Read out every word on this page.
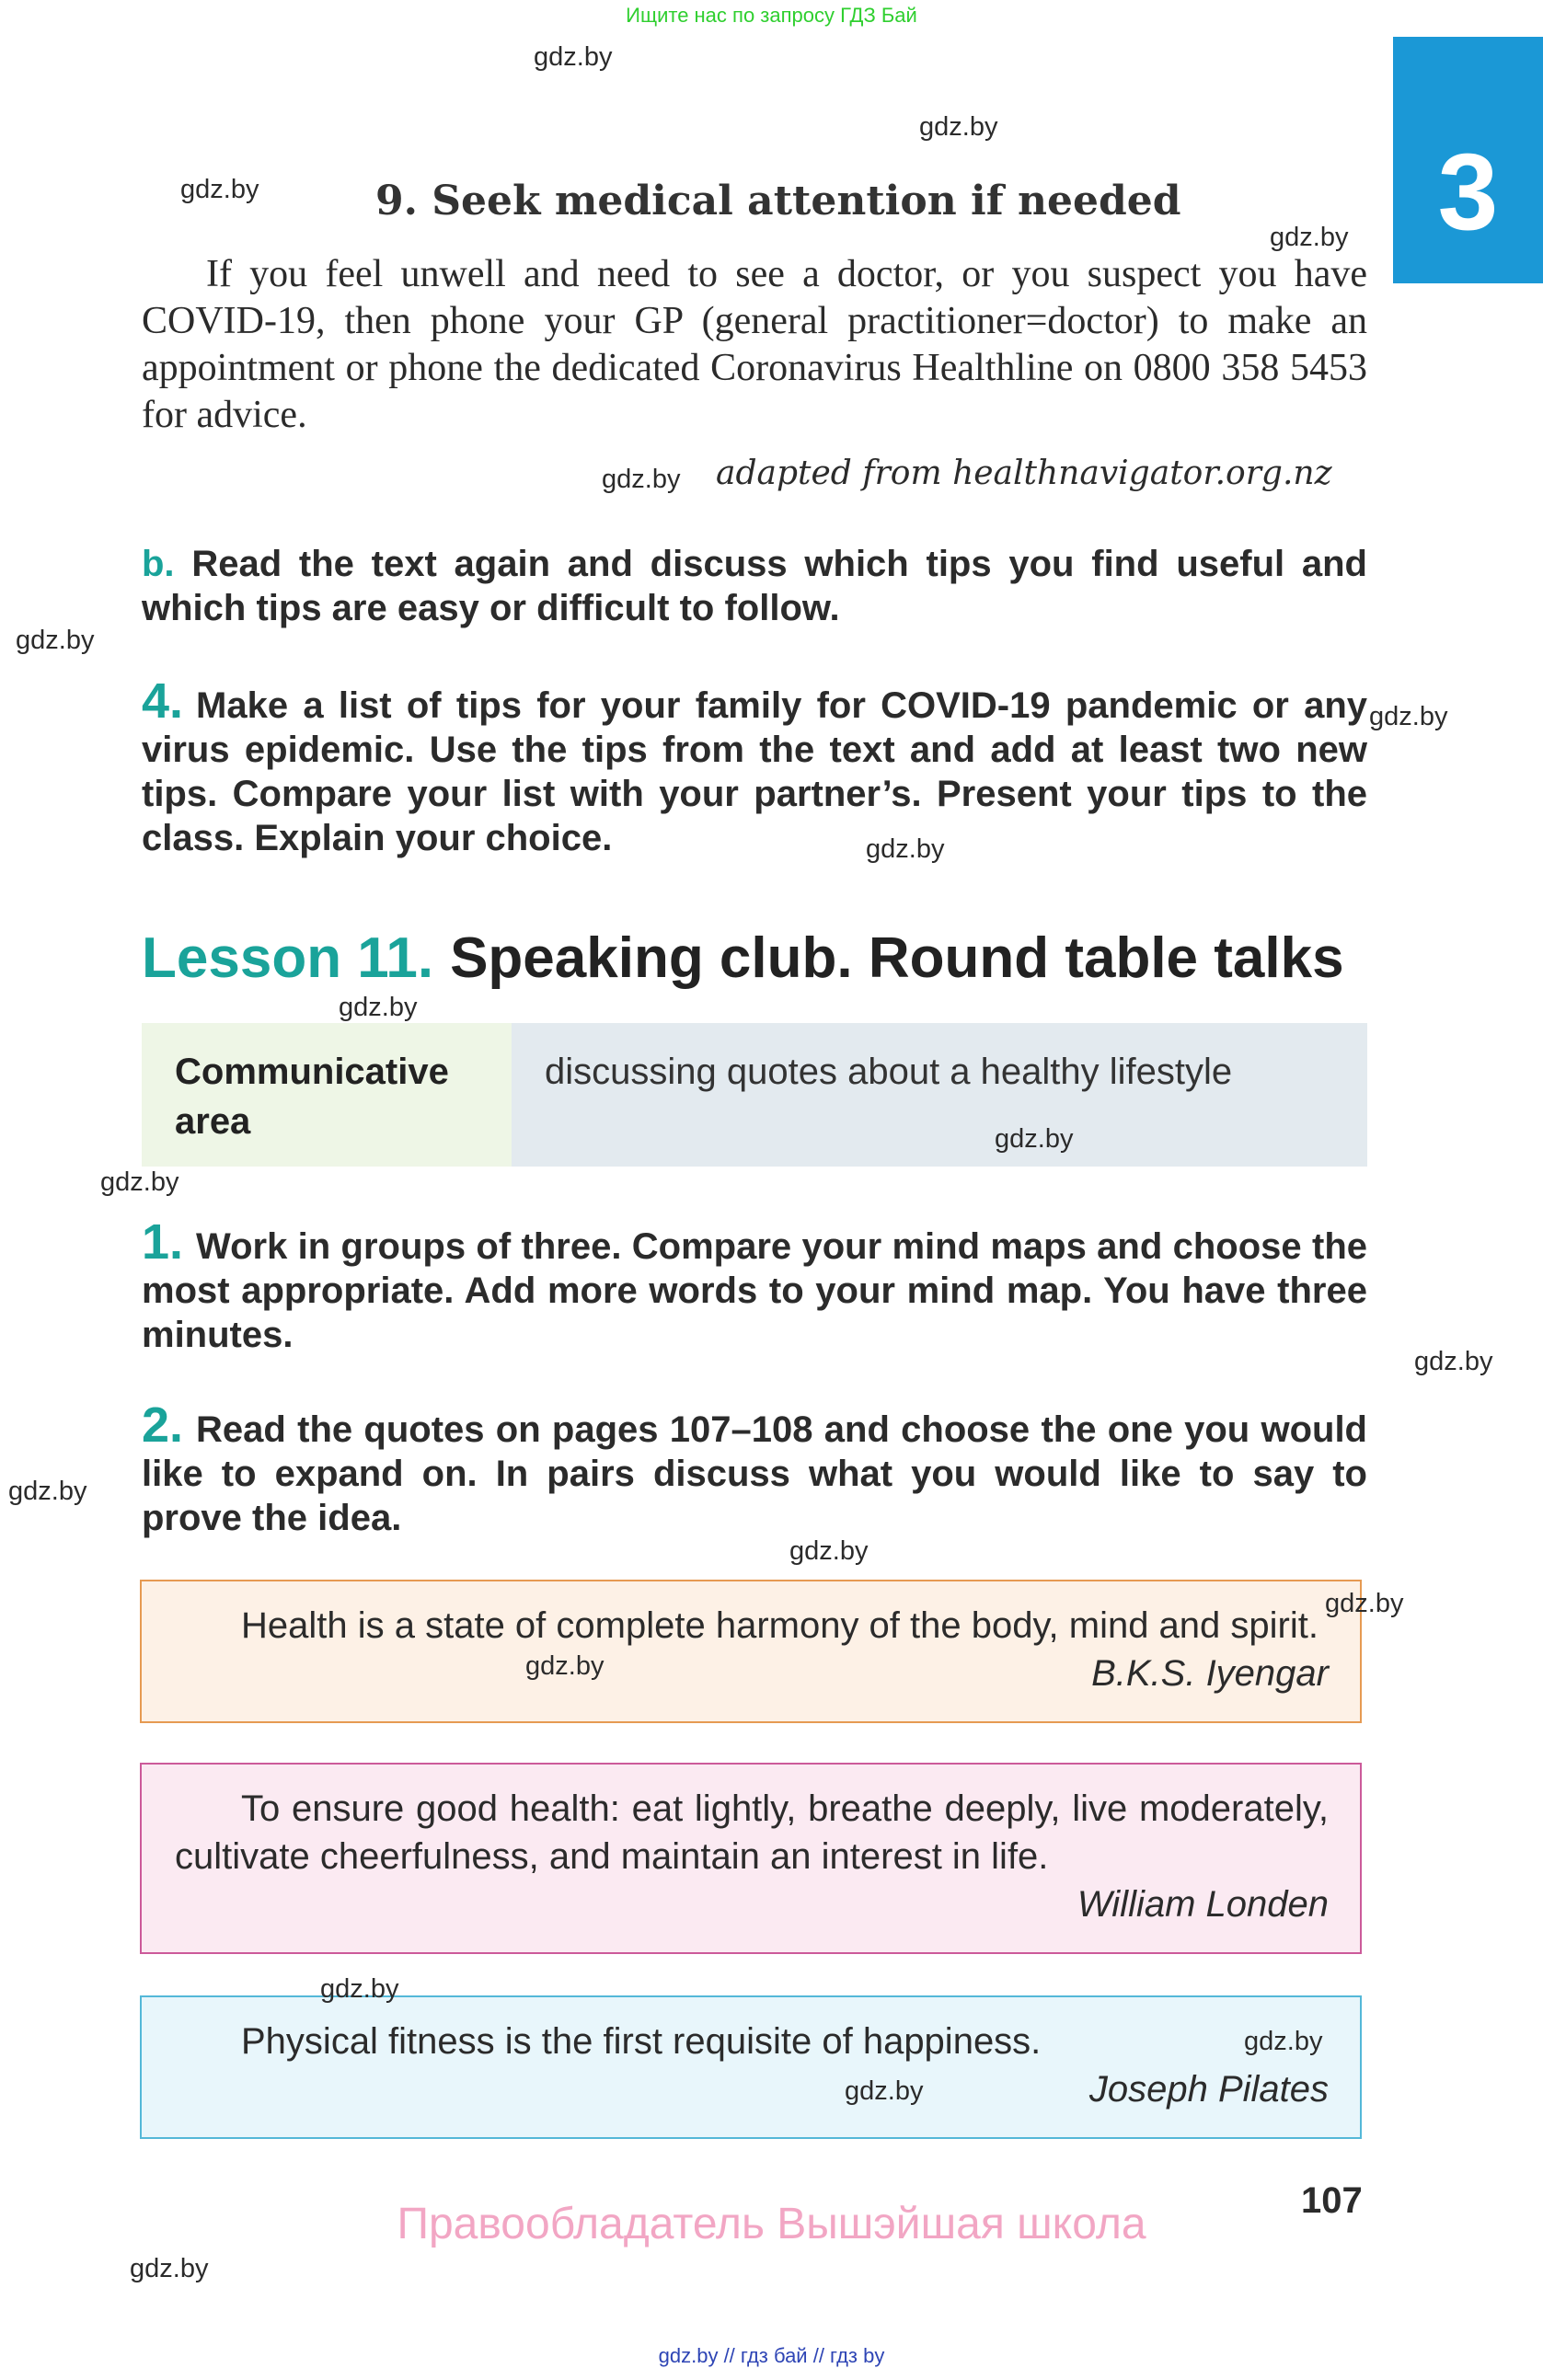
Ищите нас по запросу ГДЗ Бай
3
9. Seek medical attention if needed
If you feel unwell and need to see a doctor, or you suspect you have COVID-19, then phone your GP (general practitioner=doctor) to make an appointment or phone the dedicated Coronavirus Healthline on 0800 358 5453 for advice.
adapted from healthnavigator.org.nz
b. Read the text again and discuss which tips you find useful and which tips are easy or difficult to follow.
4. Make a list of tips for your family for COVID-19 pandemic or any virus epidemic. Use the tips from the text and add at least two new tips. Compare your list with your partner’s. Present your tips to the class. Explain your choice.
Lesson 11. Speaking club. Round table talks
Communicative area
discussing quotes about a healthy lifestyle
1. Work in groups of three. Compare your mind maps and choose the most appropriate. Add more words to your mind map. You have three minutes.
2. Read the quotes on pages 107–108 and choose the one you would like to expand on. In pairs discuss what you would like to say to prove the idea.
Health is a state of complete harmony of the body, mind and spirit.
B.K.S. Iyengar
To ensure good health: eat lightly, breathe deeply, live moderately, cultivate cheerfulness, and maintain an interest in life.
William Londen
Physical fitness is the first requisite of happiness.
Joseph Pilates
gdz.by
gdz.by
gdz.by
gdz.by
gdz.by
gdz.by
gdz.by
gdz.by
gdz.by
gdz.by
gdz.by
gdz.by
gdz.by
gdz.by
gdz.by
gdz.by
gdz.by
gdz.by
gdz.by
gdz.by
107
Правообладатель Вышэйшая школа
gdz.by // гдз бай // гдз by
